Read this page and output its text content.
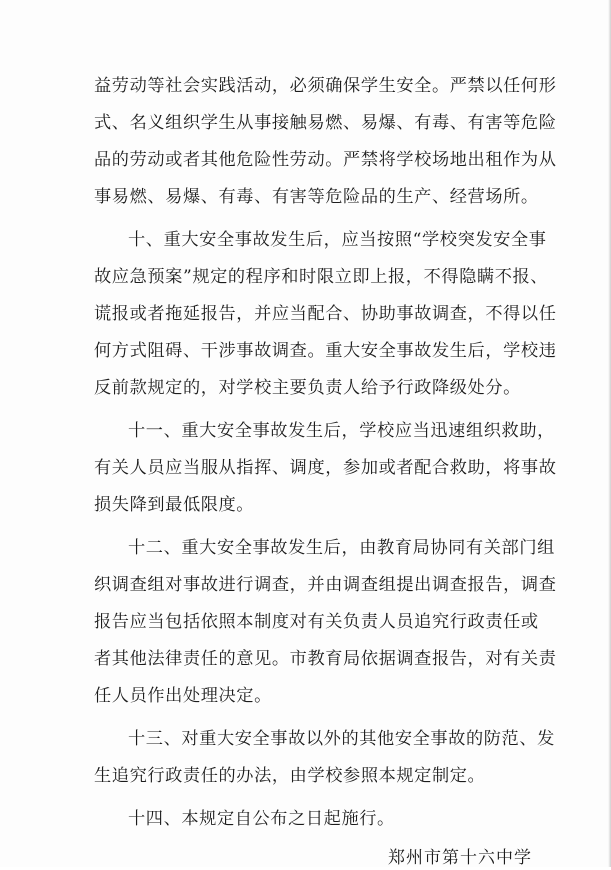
益劳动等社会实践活动，必须确保学生安全。严禁以任何形
式、名义组织学生从事接触易燃、易爆、有毒、有害等危险
品的劳动或者其他危险性劳动。严禁将学校场地出租作为从
事易燃、易爆、有毒、有害等危险品的生产、经营场所。
十、重大安全事故发生后，应当按照“学校突发安全事
故应急预案”规定的程序和时限立即上报，不得隐瞒不报、
谎报或者拖延报告，并应当配合、协助事故调查，不得以任
何方式阻碍、干涉事故调查。重大安全事故发生后，学校违
反前款规定的，对学校主要负责人给予行政降级处分。
十一、重大安全事故发生后，学校应当迅速组织救助，
有关人员应当服从指挥、调度，参加或者配合救助，将事故
损失降到最低限度。
十二、重大安全事故发生后，由教育局协同有关部门组
织调查组对事故进行调查，并由调查组提出调查报告，调查
报告应当包括依照本制度对有关负责人员追究行政责任或
者其他法律责任的意见。市教育局依据调查报告，对有关责
任人员作出处理决定。
十三、对重大安全事故以外的其他安全事故的防范、发
生追究行政责任的办法，由学校参照本规定制定。
十四、本规定自公布之日起施行。
郑州市第十六中学
